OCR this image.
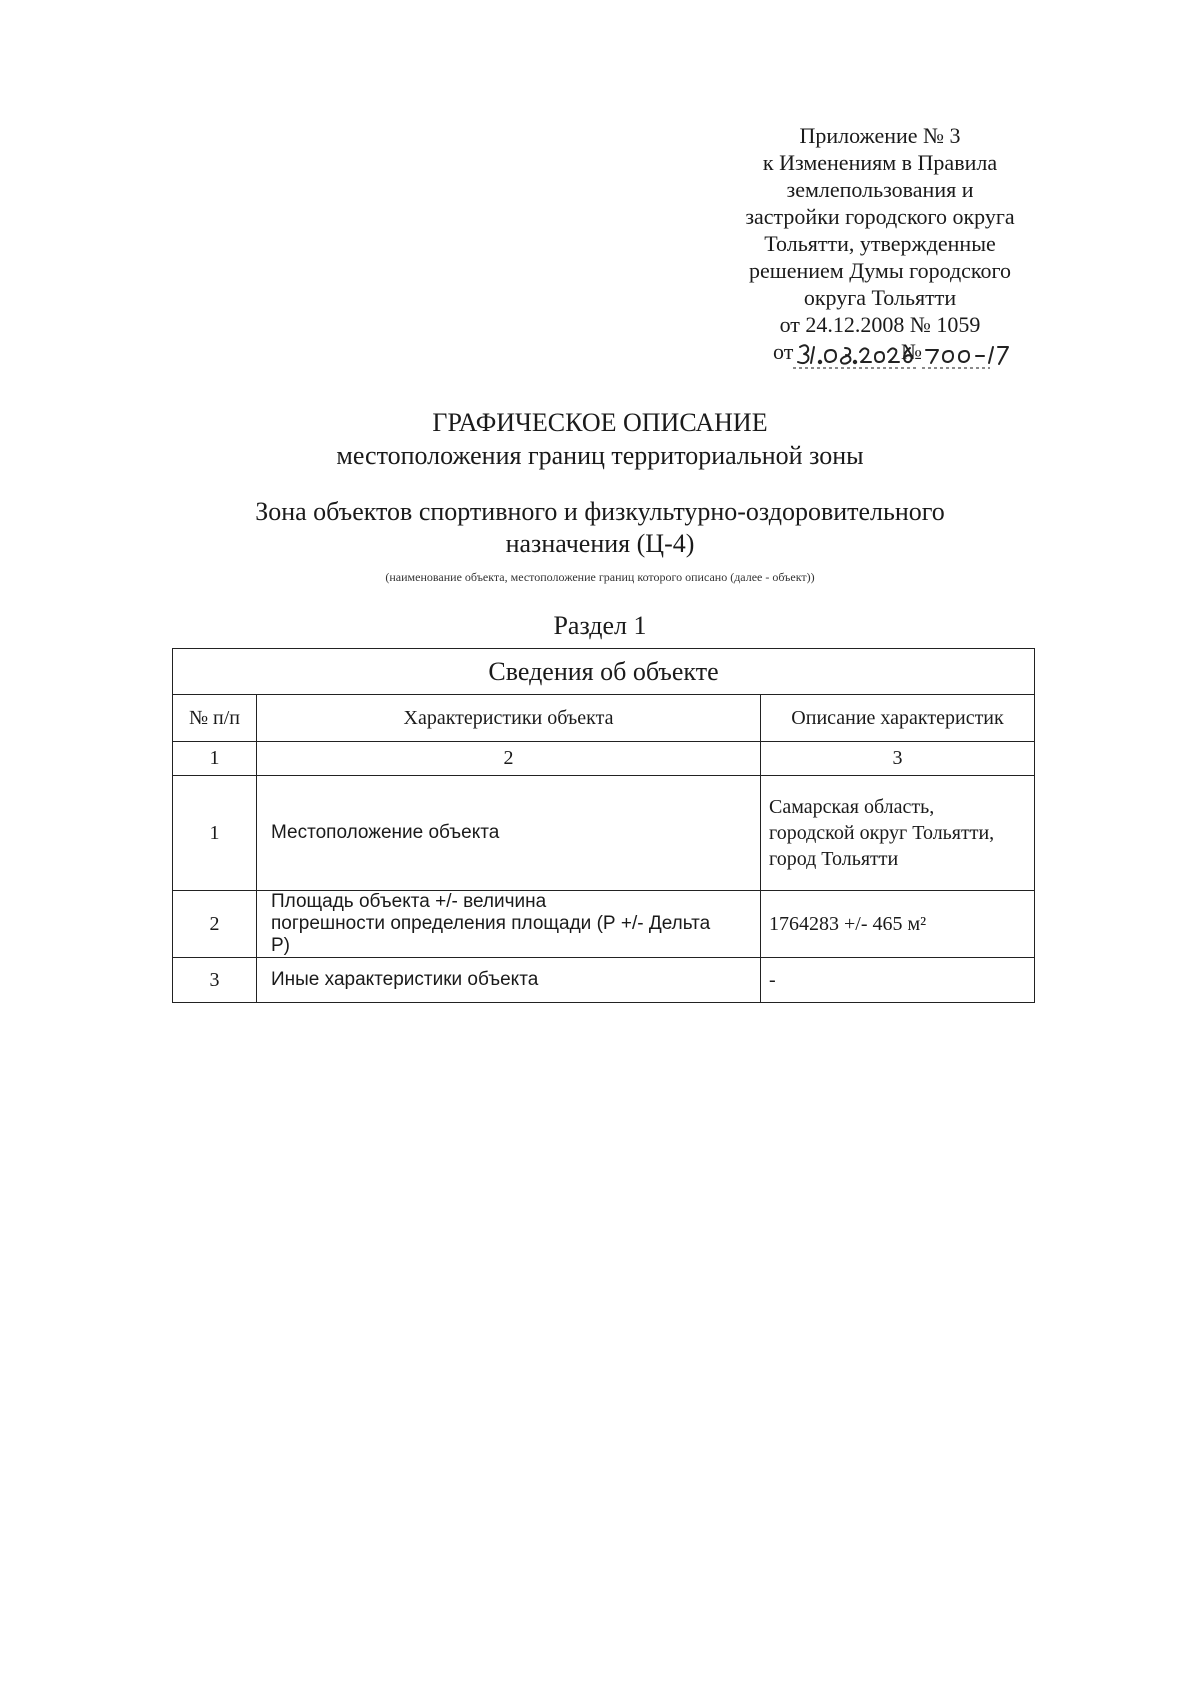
Приложение № 3
к Изменениям в Правила
землепользования и
застройки городского округа
Тольятти, утвержденные
решением Думы городского
округа Тольятти
от 24.12.2008 № 1059
от	№
ГРАФИЧЕСКОЕ ОПИСАНИЕ
местоположения границ территориальной зоны
Зона объектов спортивного и физкультурно-оздоровительного
назначения (Ц-4)
(наименование объекта, местоположение границ которого описано (далее - объект))
Раздел 1
Сведения об объекте		
№ п/п	Характеристики объекта	Описание характеристик
1	2	3
1	Местоположение объекта	Самарская область,
городской округ Тольятти,
город Тольятти

2	Площадь объекта +/- величина
погрешности определения площади (Р +/- Дельта
Р)	1764283 +/- 465 м²
3	Иные характеристики объекта	-
